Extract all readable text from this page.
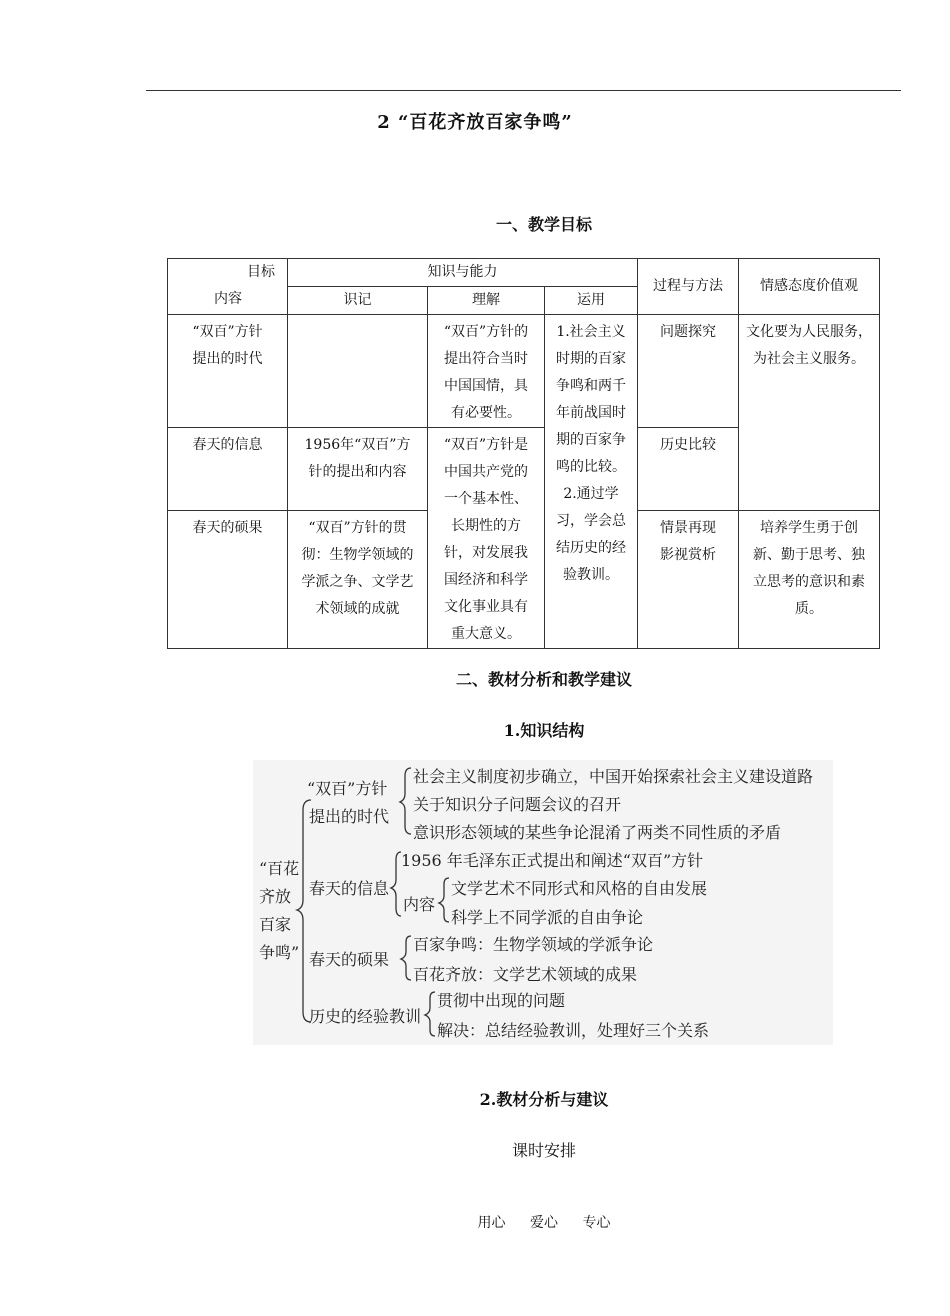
2 “百花齐放百家争鸣”
一、教学目标
目标
内容	知识与能力			过程与方法	情感态度价值观
	识记	理解	运用		
“双百”方针提出的时代		“双百”方针的提出符合当时中国国情，具有必要性。	1.社会主义时期的百家争鸣和两千年前战国时期的百家争鸣的比较。2.通过学习，学会总结历史的经验教训。	问题探究	文化要为人民服务，为社会主义服务。
春天的信息	1956年“双百”方针的提出和内容	“双百”方针是中国共产党的一个基本性、长期性的方针，对发展我国经济和科学文化事业具有重大意义。		历史比较	
春天的硕果	“双百”方针的贯彻：生物学领域的学派之争、文学艺术领域的成就			情景再现影视赏析	培养学生勇于创新、勤于思考、独立思考的意识和素质。
二、教材分析和教学建议
1.知识结构
“百花
齐放
百家
争鸣”
“双百”方针
提出的时代
社会主义制度初步确立，中国开始探索社会主义建设道路
关于知识分子问题会议的召开
意识形态领域的某些争论混淆了两类不同性质的矛盾
春天的信息
1956 年毛泽东正式提出和阐述“双百”方针
内容
文学艺术不同形式和风格的自由发展
科学上不同学派的自由争论
春天的硕果
百家争鸣：生物学领域的学派争论
百花齐放：文学艺术领域的成果
历史的经验教训
贯彻中出现的问题
解决：总结经验教训，处理好三个关系
2.教材分析与建议
课时安排
用心 爱心 专心
